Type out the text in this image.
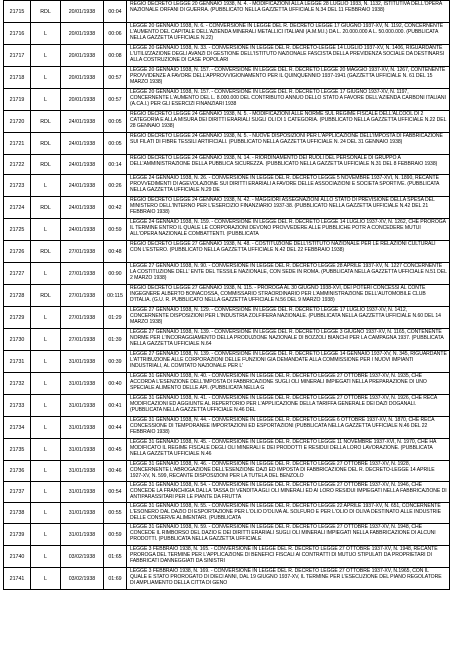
21715	RDL	20/01/1938	00:04
REGIO DECRETO LEGGE 20 GENNAIO 1938, N. 4. - MODIFICAZIONI ALLA LEGGE 28 LUGLIO 1933, N. 1132, ISTITUTIVA DELL'OPERA NAZIONALE ORFANI DI GUERRA. (PUBBLICATO NELLA GAZZETTA UFFICIALE N.34 DEL 11 FEBBRAIO 1938)
21716	L	20/01/1938	00:06
LEGGE 20 GENNAIO 1938, N. 6. - CONVERSIONE IN LEGGE DEL R. DECRETO LEGGE 17 GIUGNO 1937-XV, N. 1192, CONCERNENTE L'AUMENTO DEL CAPITALE DELL'AZIENDA MINERALI METALLICI ITALIANI (A.M.M.I.) DA L. 20.000.000 A L. 50.000.000. (PUBBLICATA NELLA GAZZETTA UFFICIALE N.22)
21717	L	20/01/1938	00:08
LEGGE 20 GENNAIO 1938, N. 33. - CONVERSIONE IN LEGGE DEL R. DECRETO-LEGGE 14 LUGLIO 1937-XV, N. 1406, RIGUARDANTE L'UTILIZZAZIONE DEGLI AVANZI DI GESTIONE DELL'ISTITUTO NAZIONALE FASCISTA DELLA PREVIDENZA SOCIALE DA DESTINARSI ALLA COSTRUZIONE DI CASE POPOLARI
21718	L	20/01/1938	00:57
LEGGE 20 GENNAIO 1938, N. 157. - CONVERSIONE IN LEGGE DEL R. DECRETO LEGGE 20 MAGGIO 1937-XV, N. 1267, CONTENENTE PROVVIDENZE A FAVORE DELL'APPROVVIGIONAMENTO PER IL QUINQUENNIO 1937-1941 (GAZZETTA UFFICIALE N. 61 DEL 15 MARZO 1938)
21719	L	20/01/1938	00:57
LEGGE 20 GENNAIO 1938, N. 157. - CONVERSIONE IN LEGGE DEL R. DECRETO LEGGE 17 GIUGNO 1937-XV, N. 1197, CONCERNENTE L'AUMENTO DEL L. 8.000.000 DEL CONTRIBUTO ANNUO DELLO STATO A FAVORE DELL'AZIENDA CARBONI ITALIANI (A.CA.I.) PER GLI ESERCIZI FINANZIARI 1938
21720	RDL	24/01/1938	00:05
REGIO DECRETO LEGGE 24 GENNAIO 1938, N. 5. - MODIFICAZIONI ALLE NORME SUL REGIME FISCALE DELL'ALCOOL DI 2 CATEGORIA E ALLA MISURA DEI DIRITTI ERARIALI SUGLI OLI DI 1 CATEGORIA. (PUBBLICATO NELLA GAZZETTA UFFICIALE N.22 DEL 28 GENNAIO 1938)
21721	RDL	24/01/1938	00:05
REGIO DECRETO LEGGE 24 GENNAIO 1938, N. 5. - NUOVE DISPOSIZIONI PER L'APPLICAZIONE DELL'IMPOSTA DI FABBRICAZIONE SUI FILATI DI FIBRE TESSILI ARTIFICIALI. (PUBBLICATO NELLA GAZZETTA UFFICIALE N. 24 DEL 31 GENNAIO 1938)
21722	RDL	24/01/1938	00:14
REGIO DECRETO LEGGE 24 GENNAIO 1938, N. 14. - RIORDINAMENTO DEI RUOLI DEL PERSONALE DI GRUPPO A DELL'AMMINISTRAZIONE DELLA PUBBLICA SICUREZZA. (PUBBLICATO NELLA GAZZETTA UFFICIALE N.31 DEL 8 FEBBRAIO 1938)
21723	L	24/01/1938	00:26
LEGGE 24 GENNAIO 1938, N. 26. - CONVERSIONE IN LEGGE DEL R. DECRETO LEGGE 5 NOVEMBRE 1937-XVI, N. 1890, RECANTE PROVVEDIMENTI DI AGEVOLAZIONE SUI DIRITTI ERARIALI A FAVORE DELLE ASSOCIAZIONI E SOCIETA SPORTIVE. (PUBBLICATA NELLA GAZZETTA UFFICIALE N.29 DE
21724	RDL	24/01/1938	00:42
REGIO DECRETO LEGGE 24 GENNAIO 1938, N. 42. - MAGGIORI ASSEGNAZIONI ALLO STATO DI PREVISIONE DELLA SPESA DEL MINISTERO DELL'INTERNO PER L'ESERCIZIO FINANZIARIO 1937-38. (PUBBLICATO NELLA GAZZETTA UFFICIALE N.42 DEL 21 FEBBRAIO 1938)
21725	L	24/01/1938	00:59
LEGGE 24 GENNAIO 1938, N. 159. - CONVERSIONE IN LEGGE DEL R. DECRETO LEGGE 14 LUGLIO 1937-XV, N. 1262, CHE PROROGA IL TERMINE ENTRO IL QUALE LE CORPORAZIONI DEVONO PROVVEDERE ALLE PUBBLICHE POTR A CONCEDERE MUTUI ALL'OPERA NAZIONALE COMBATTENTI. (PUBBLICATA
21726	RDL	27/01/1938	00:48
REGIO DECRETO LEGGE 27 GENNAIO 1938, N. 48. - COSTITUZIONE DELL'ISTITUTO NAZIONALE PER LE RELAZIONI CULTURALI CON L'ESTERO. (PUBBLICATO NELLA GAZZETTA UFFICIALE N.42 DEL 22 FEBBRAIO 1938)
21727	L	27/01/1938	00:90
LEGGE 27 GENNAIO 1938, N. 90. - CONVERSIONE IN LEGGE DEL R. DECRETO LEGGE 28 APRILE 1937-XV, N. 1227 CONCERNENTE LA COSTITUZIONE DELL' ENTE DEL TESSILE NAZIONALE, CON SEDE IN ROMA. (PUBBLICATA NELLA GAZZETTA UFFICIALE N.51 DEL 2 MARZO 1938)
21728	RDL	27/01/1938	00:115
REGIO DECRETO LEGGE 27 GENNAIO 1938, N. 115. - PROROGA AL 30 GIUGNO 1938-XVI, DEI POTERI CONCESSI AL CONTE INGEGNERE ALBERTO BONACOSSA, COMMISSARIO STRAORDINARIO PER L'AMMINISTRAZIONE DELL'AUTOMOBILE CLUB D'ITALIA. (G.U. R. PUBBLICATO NELLA GAZZETTA UFFICIALE N.56 DEL 9 MARZO 1938)
21729	L	27/01/1938	01:29
LEGGE 27 GENNAIO 1938, N. 129. - CONVERSIONE IN LEGGE DEL R. DECRETO LEGGE 17 LUGLIO 1937-XV, N. 1412, CONCERNENTE DISPOSIZIONI PER L'INDUSTRIA ZOLFIFERA NAZIONALE. (PUBBLICATA NELLA GAZZETTA UFFICIALE N.60 DEL 14 MARZO 1938)
21730	L	27/01/1938	01:39
LEGGE 27 GENNAIO 1938, N. 139. - CONVERSIONE IN LEGGE DEL R. DECRETO LEGGE 3 GIUGNO 1937-XV, N. 1165, CONTENENTE NORME PER L'INCORAGGIAMENTO DELLA PRODUZIONE NAZIONALE DI BOZZOLI BIANCHI PER LA CAMPAGNA 1937. (PUBBLICATA NELLA GAZZETTA UFFICIALE N.64
21731	L	31/01/1938	00:39
LEGGE 27 GENNAIO 1938, N. 139. - CONVERSIONE IN LEGGE DEL R. DECRETO LEGGE 14 GENNAIO 1937-XV, N. 345, RIGUARDANTE L'ATTRIBUZIONE ALLE CORPORAZIONI DELLE FUNZIONI GIA DEMANDATE ALLA COMMISSIONE PER I NUOVI IMPIANTI INDUSTRIALI, AL COMITATO NAZIONALE PER L'
21732	L	31/01/1938	00:40
LEGGE 31 GENNAIO 1938, N. 40. - CONVERSIONE IN LEGGE DEL R. DECRETO LEGGE 27 OTTOBRE 1937-XV, N. 1935, CHE ACCORDA L'ESENZIONE DELL'IMPOSTA DI FABBRICAZIONE SUGLI OLI MINERALI IMPIEGATI NELLA PREPARAZIONE DI UNO SPECIALE ALIMENTO DELLE API. (PUBBLICATA NELLA G
21733	L	31/01/1938	00:41
LEGGE 31 GENNAIO 1938, N. 41. - CONVERSIONE IN LEGGE DEL R. DECRETO LEGGE 27 OTTOBRE 1937-XV, N. 1926, CHE RECA MODIFICAZIONI ED AGGIUNTE AL REPERTORIO PER L'APPLICAZIONE DELLA TARIFFA GENERALE DEI DAZI DOGANALI. (PUBBLICATA NELLA GAZZETTA UFFICIALE N.46 DEL
21734	L	31/01/1938	00:44
LEGGE 31 GENNAIO 1938, N. 44. - CONVERSIONE IN LEGGE DEL R. DECRETO LEGGE 6 OTTOBRE 1937-XV, N. 1870, CHE RECA CONCESSIONE DI TEMPORANEE IMPORTAZIONI ED ESPORTAZIONI (PUBBLICATA NELLA GAZZETTA UFFICIALE N.46 DEL 22 FEBBRAIO 1938)
21735	L	31/01/1938	00:45
LEGGE 31 GENNAIO 1938, N. 45. - CONVERSIONE IN LEGGE DEL R. DECRETO LEGGE 11 NOVEMBRE 1937-XVI, N. 1970, CHE HA MODIFICATO IL REGIME FISCALE DEGLI OLI MINERALI E DEI PRODOTTI E RESIDUI DELLA LORO LAVORAZIONE. (PUBBLICATA NELLA GAZZETTA UFFICIALE N.46
21736	L	31/01/1938	00:46
LEGGE 31 GENNAIO 1938, N. 46. - CONVERSIONE IN LEGGE DEL R. DECRETO LEGGE 27 OTTOBRE 1937-XV, N. 1928, CONCERNENTE L'ABROGAZIONE DELL'ESENZIONE DAZI ED IMPOSTA DI FABBRICAZIONE DEL R. DECRETO-LEGGE 14 APRILE 1927-XV, N. 599, RECANTE DISPOSIZIONI PER LA TUTELA DEL BENZOLO
21737	L	31/01/1938	00:54
LEGGE 31 GENNAIO 1938, N. 54. - CONVERSIONE IN LEGGE DEL R. DECRETO LEGGE 27 OTTOBRE 1937-XV, N. 1946, CHE CONCEDE LA FRANCHIGIA DALLA TASSA DI VENDITA AGLI OLI MINERALI ED AI LORO RESIDUI IMPIEGATI NELLA FABBRICAZIONE DI ANTIPARASSITARI PER LE PIANTE DA FRUTTA
21738	L	31/01/1938	00:55
LEGGE 31 GENNAIO 1938, N. 55. - CONVERSIONE IN LEGGE DEL R. DECRETO LEGGE 22 APRILE 1937-XV, N. 651, CONCERNENTE L'ESONERO DAL DAZIO DI ESPORTAZIONE PER L'OLIO D'OLIVA AL SOLFURO E PER L'OLIO DI OLIVA DESTINATO ALLE INDUSTRIE DELLE CONSERVE ALIMENTARI. (PUBBLICATA
21739	L	31/01/1938	00:59
LEGGE 31 GENNAIO 1938, N. 59. - CONVERSIONE IN LEGGE DEL R. DECRETO LEGGE 27 OTTOBRE 1937-XV, N. 1948, CHE CONCEDE IL RIMBORSO DEL DAZIO E DEI DIRITTI ERARIALI SUGLI OLI MINERALI IMPIEGATI NELLA FABBRICAZIONE DI ALCUNI PRODOTTI. (PUBBLICATA NELLA GAZZETTA UFFICIALE
21740	L	03/02/1938	01:65
LEGGE 3 FEBBRAIO 1938, N. 165. - CONVERSIONE IN LEGGE DEL R. DECRETO LEGGE 27 OTTOBRE 1937-XV, N. 1948, RECANTE PROROGA DEL TERMINE PER L'APPLICAZIONE DI BENEFICI FISCALI AI CONTRATTI DI MUTUO STIPULATI DA PROPRIETARI DI FABBRICATI DANNEGGIATI DA SINISTRI
21741	L	03/02/1938	01:69
LEGGE 3 FEBBRAIO 1938, N. 169. - CONVERSIONE IN LEGGE DEL R. DECRETO LEGGE 27 OTTOBRE 1937-XV, N.1965, CON IL QUALE E STATO PROROGATO DI DIECI ANNI, DAL 19 GIUGNO 1937-XV, IL TERMINE PER L'ESECUZIONE DEL PIANO REGOLATORE DI AMPLIAMENTO DELLA CITTA DI GENO
